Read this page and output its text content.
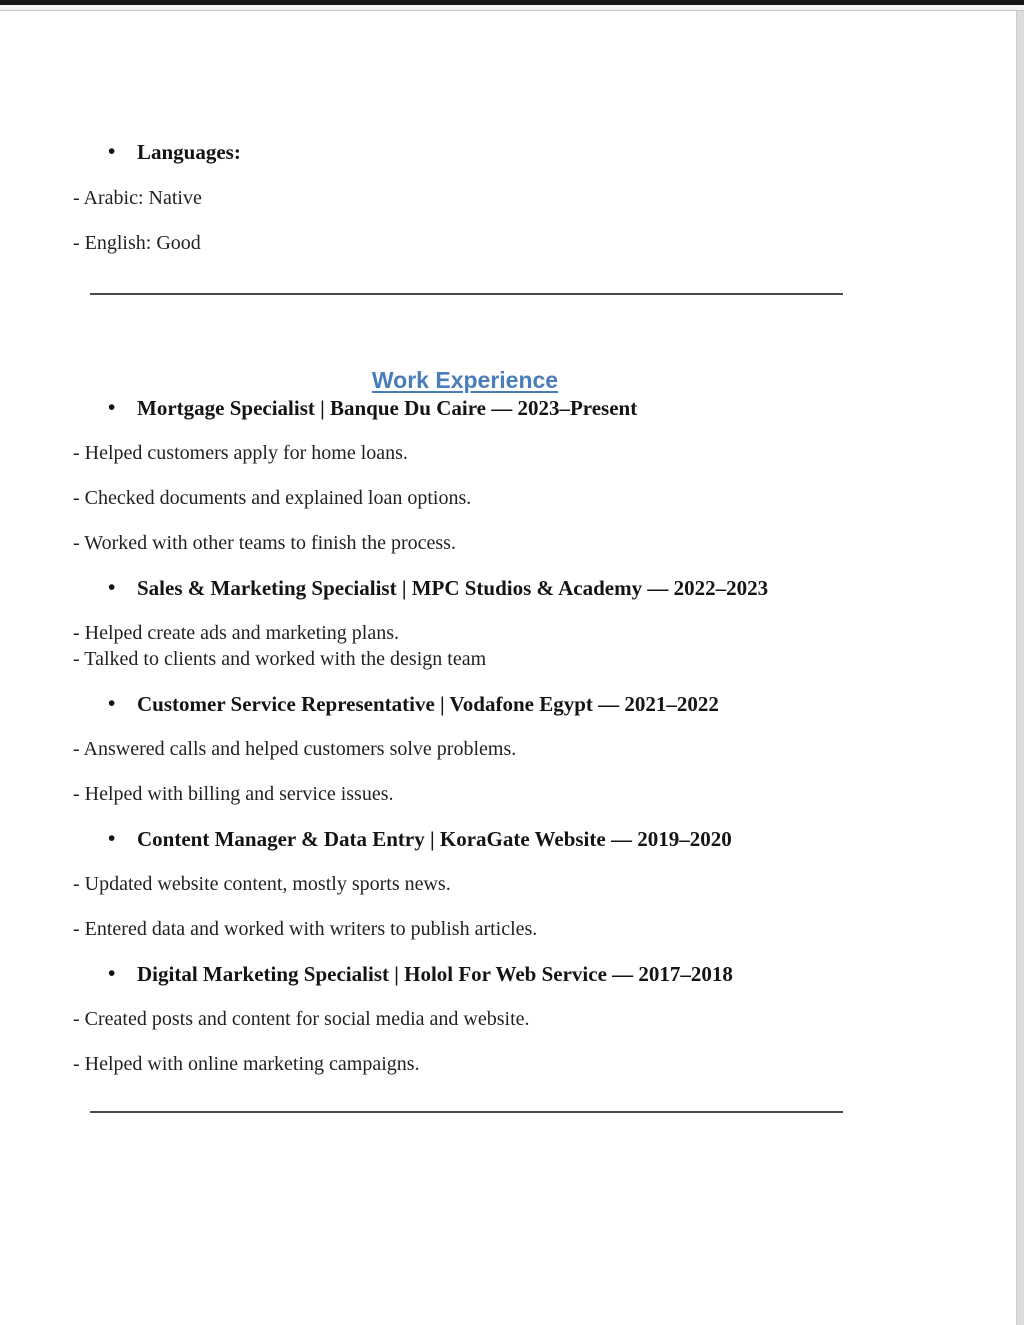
• Languages:

- Arabic: Native

- English: Good

Work Experience
• Mortgage Specialist | Banque Du Caire — 2023–Present

- Helped customers apply for home loans.

- Checked documents and explained loan options.

- Worked with other teams to finish the process.

• Sales & Marketing Specialist | MPC Studios & Academy — 2022–2023

- Helped create ads and marketing plans.

- Talked to clients and worked with the design team

• Customer Service Representative | Vodafone Egypt — 2021–2022

- Answered calls and helped customers solve problems.

- Helped with billing and service issues.

• Content Manager & Data Entry | KoraGate Website — 2019–2020

- Updated website content, mostly sports news.

- Entered data and worked with writers to publish articles.

• Digital Marketing Specialist | Holol For Web Service — 2017–2018

- Created posts and content for social media and website.

- Helped with online marketing campaigns.
